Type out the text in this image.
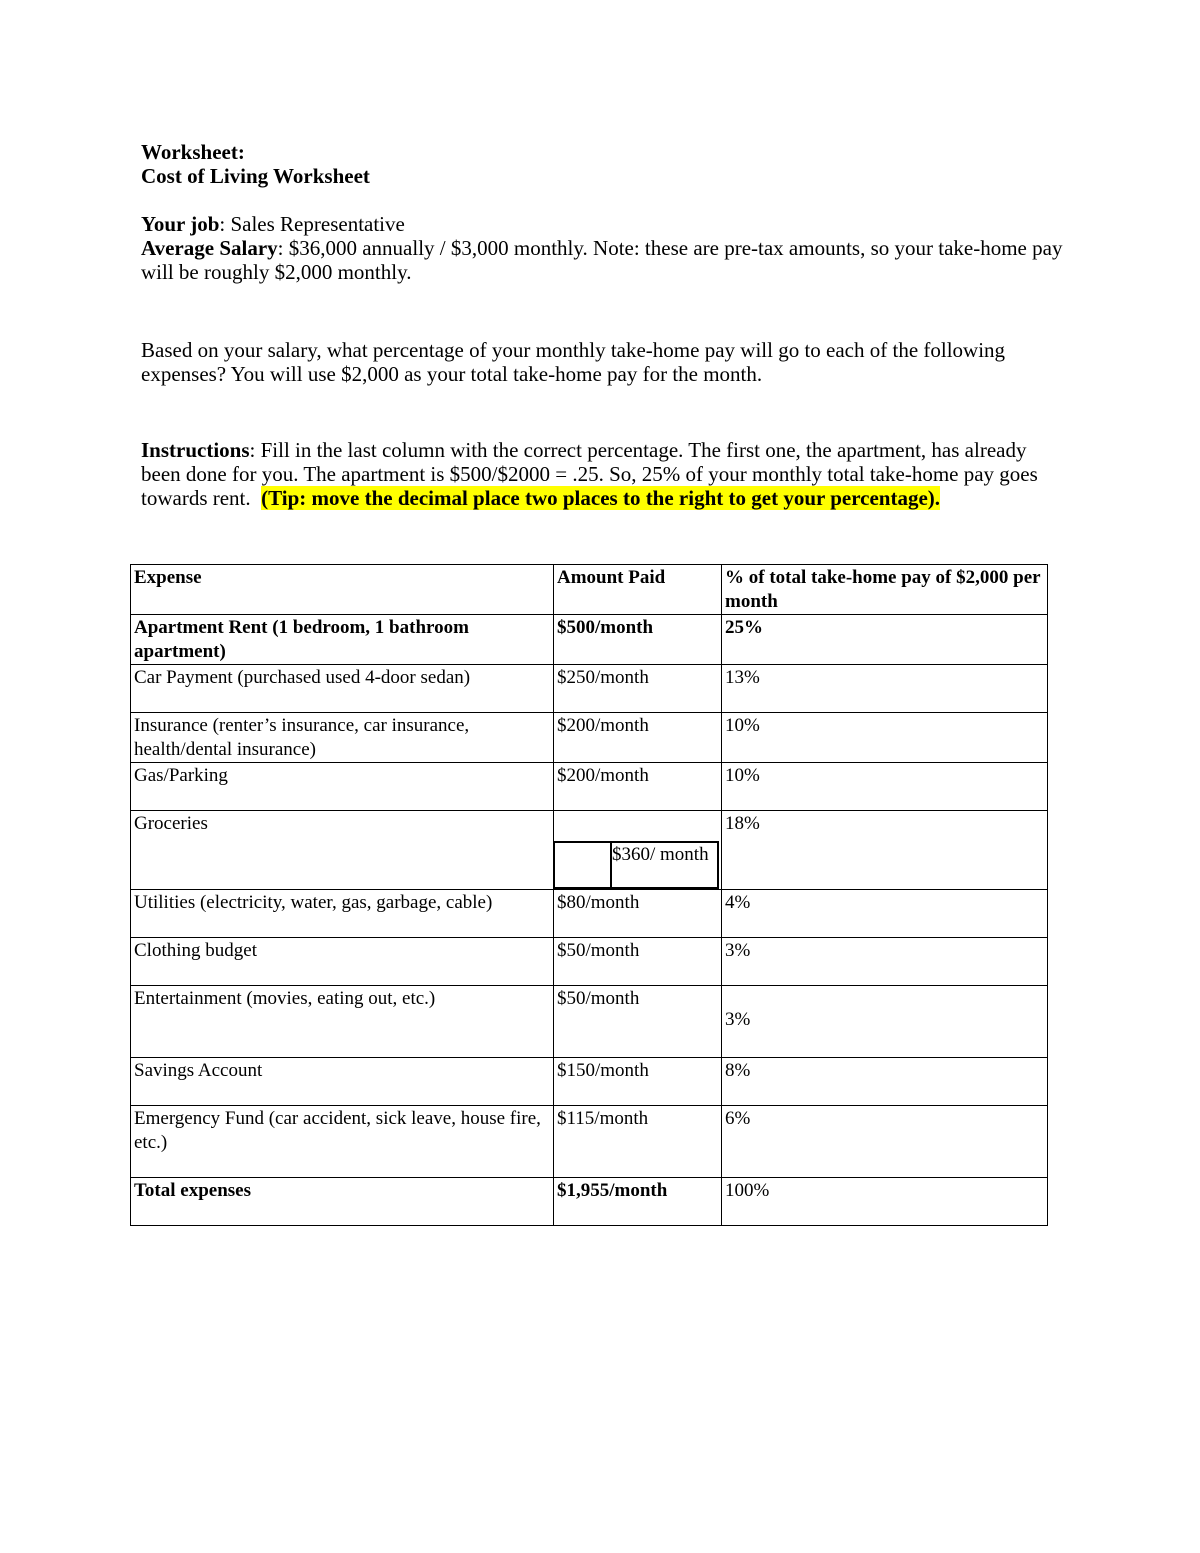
Worksheet:

Cost of Living Worksheet

Your job: Sales Representative

Average Salary: $36,000 annually / $3,000 monthly. Note: these are pre-tax amounts, so your take-home pay will be roughly $2,000 monthly.

Based on your salary, what percentage of your monthly take-home pay will go to each of the following expenses? You will use $2,000 as your total take-home pay for the month.

Instructions: Fill in the last column with the correct percentage. The first one, the apartment, has already been done for you. The apartment is $500/$2000 = .25. So, 25% of your monthly total take-home pay goes towards rent. (Tip: move the decimal place two places to the right to get your percentage).

Expense	Amount Paid	% of total take-home pay of $2,000 per month
Apartment Rent (1 bedroom, 1 bathroom apartment)	$500/month	25%
Car Payment (purchased used 4-door sedan)	$250/month	13%
Insurance (renter’s insurance, car insurance, health/dental insurance)	$200/month	10%
Gas/Parking	$200/month	10%
Groceries	$360/ month	18%
Utilities (electricity, water, gas, garbage, cable)	$80/month	4%
Clothing budget	$50/month	3%
Entertainment (movies, eating out, etc.)	$50/month	3%
Savings Account	$150/month	8%
Emergency Fund (car accident, sick leave, house fire, etc.)	$115/month	6%
Total expenses	$1,955/month	100%
